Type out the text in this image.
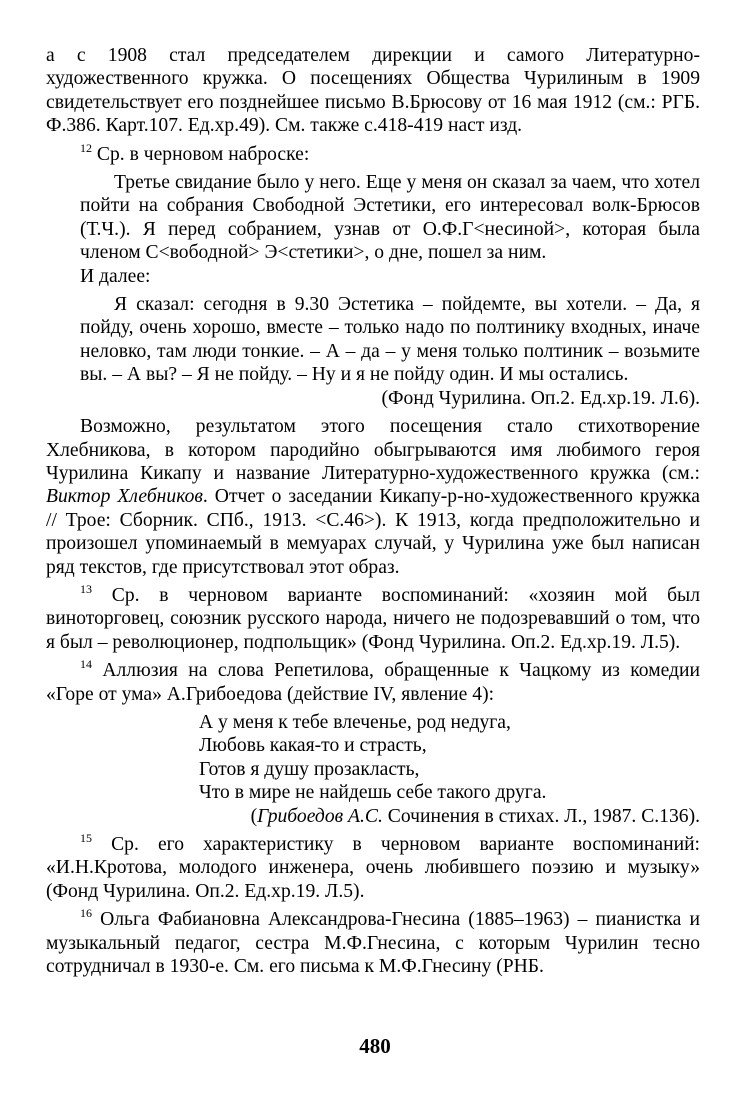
а с 1908 стал председателем дирекции и самого Литературно-художественного кружка. О посещениях Общества Чурилиным в 1909 свидетельствует его позднейшее письмо В.Брюсову от 16 мая 1912 (см.: РГБ. Ф.386. Карт.107. Ед.хр.49). См. также с.418-419 наст изд.

$^{12}$ Ср. в черновом наброске:

Третье свидание было у него. Еще у меня он сказал за чаем, что хотел пойти на собрания Свободной Эстетики, его интересовал волк-Брюсов (Т.Ч.). Я перед собранием, узнав от О.Ф.Г<несиной>, которая была членом С<вободной> Э<стетики>, о дне, пошел за ним.

И далее:

Я сказал: сегодня в 9.30 Эстетика – пойдемте, вы хотели. – Да, я пойду, очень хорошо, вместе – только надо по полтинику входных, иначе неловко, там люди тонкие. – А – да – у меня только полтиник – возьмите вы. – А вы? – Я не пойду. – Ну и я не пойду один. И мы остались.

(Фонд Чурилина. Оп.2. Ед.хр.19. Л.6).

Возможно, результатом этого посещения стало стихотворение Хлебникова, в котором пародийно обыгрываются имя любимого героя Чурилина Кикапу и название Литературно-художественного кружка (см.: Виктор Хлебников. Отчет о заседании Кикапу-р-но-художественного кружка // Трое: Сборник. СПб., 1913. <С.46>). К 1913, когда предположительно и произошел упоминаемый в мемуарах случай, у Чурилина уже был написан ряд текстов, где присутствовал этот образ.

$^{13}$ Ср. в черновом варианте воспоминаний: «хозяин мой был виноторговец, союзник русского народа, ничего не подозревавший о том, что я был – революционер, подпольщик» (Фонд Чурилина. Оп.2. Ед.хр.19. Л.5).

$^{14}$ Аллюзия на слова Репетилова, обращенные к Чацкому из комедии «Горе от ума» А.Грибоедова (действие IV, явление 4):

А у меня к тебе влеченье, род недуга,
Любовь какая-то и страсть,
Готов я душу прозакласть,
Что в мире не найдешь себе такого друга.
(Грибоедов А.С. Сочинения в стихах. Л., 1987. С.136).

$^{15}$ Ср. его характеристику в черновом варианте воспоминаний: «И.Н.Кротова, молодого инженера, очень любившего поэзию и музыку» (Фонд Чурилина. Оп.2. Ед.хр.19. Л.5).

$^{16}$ Ольга Фабиановна Александрова-Гнесина (1885–1963) – пианистка и музыкальный педагог, сестра М.Ф.Гнесина, с которым Чурилин тесно сотрудничал в 1930-е. См. его письма к М.Ф.Гнесину (РНБ.

480
